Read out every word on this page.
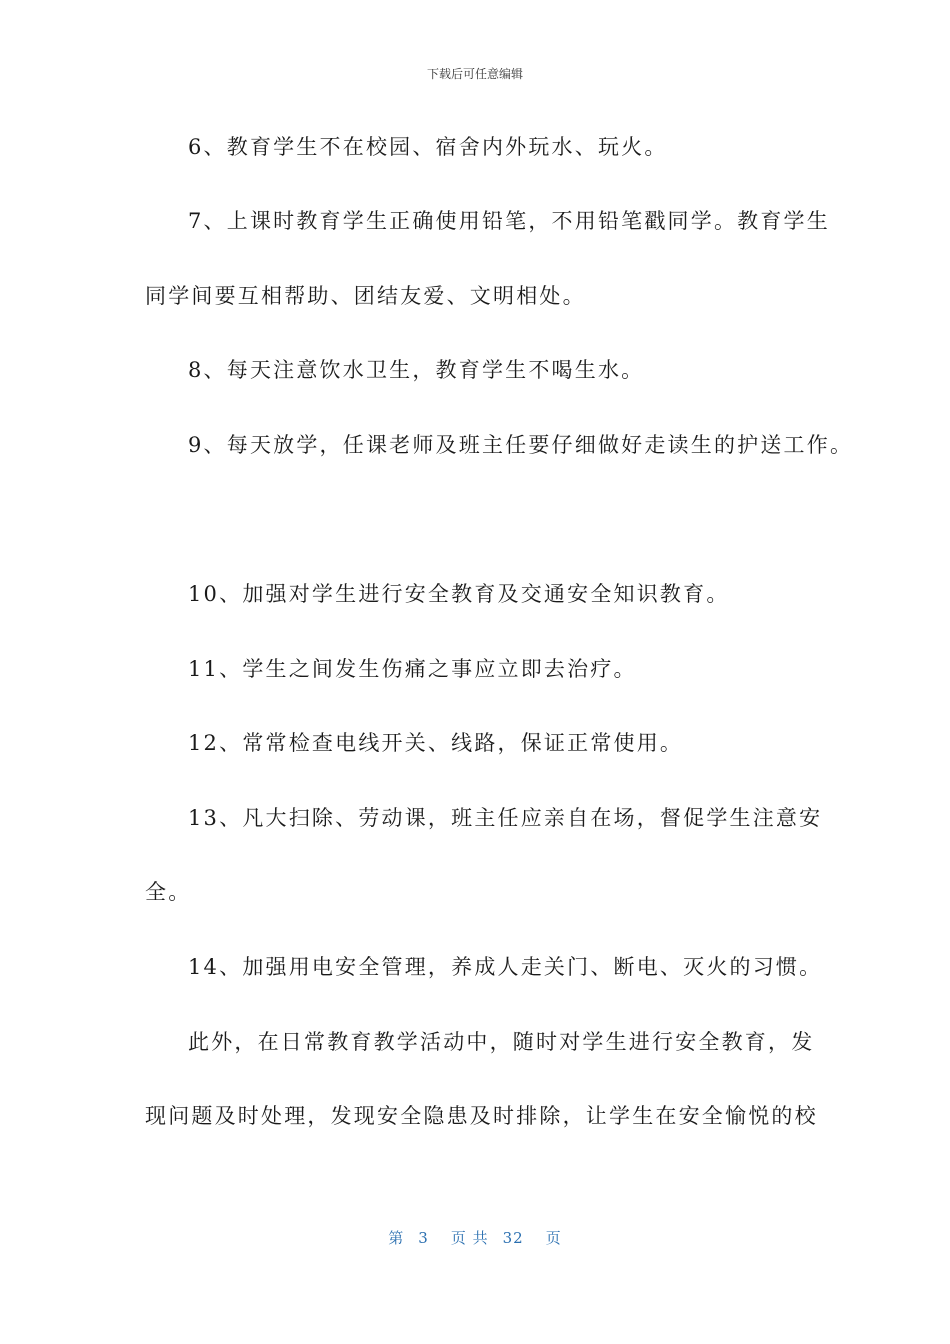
下载后可任意编辑
6、教育学生不在校园、宿舍内外玩水、玩火。
7、上课时教育学生正确使用铅笔，不用铅笔戳同学。教育学生
同学间要互相帮助、团结友爱、文明相处。
8、每天注意饮水卫生，教育学生不喝生水。
9、每天放学，任课老师及班主任要仔细做好走读生的护送工作。
10、加强对学生进行安全教育及交通安全知识教育。
11、学生之间发生伤痛之事应立即去治疗。
12、常常检查电线开关、线路，保证正常使用。
13、凡大扫除、劳动课，班主任应亲自在场，督促学生注意安
全。
14、加强用电安全管理，养成人走关门、断电、灭火的习惯。
此外，在日常教育教学活动中，随时对学生进行安全教育，发
现问题及时处理，发现安全隐患及时排除，让学生在安全愉悦的校
第 3 页 共 32 页
